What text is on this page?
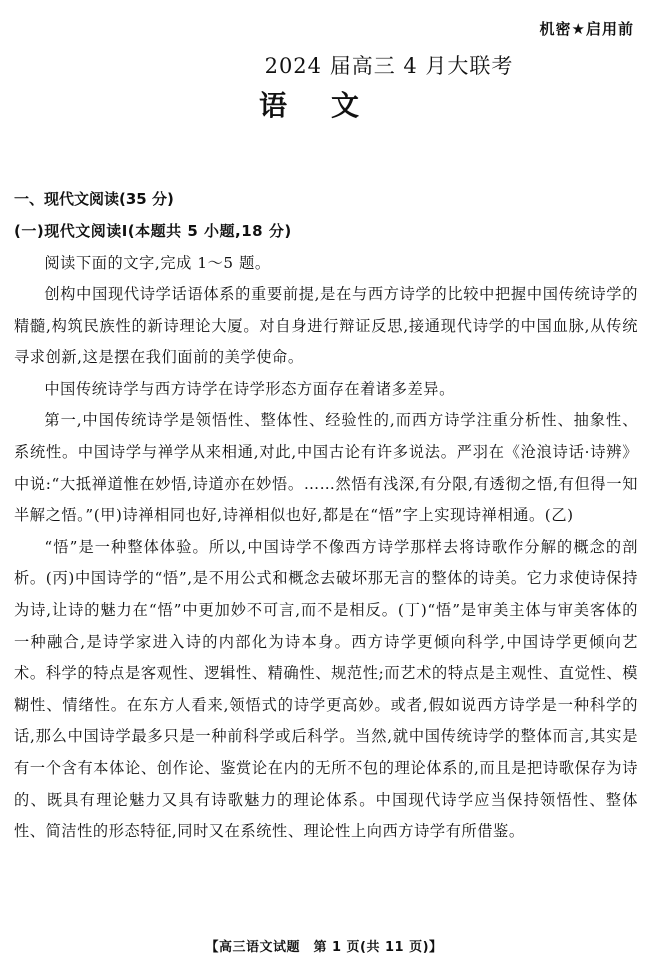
机密★启用前
2024 届高三 4 月大联考
语文

一、现代文阅读(35 分)

(一)现代文阅读Ⅰ(本题共 5 小题,18 分)

阅读下面的文字,完成 1～5 题。

创构中国现代诗学话语体系的重要前提,是在与西方诗学的比较中把握中国传统诗学的精髓,构筑民族性的新诗理论大厦。对自身进行辩证反思,接通现代诗学的中国血脉,从传统寻求创新,这是摆在我们面前的美学使命。

中国传统诗学与西方诗学在诗学形态方面存在着诸多差异。

第一,中国传统诗学是领悟性、整体性、经验性的,而西方诗学注重分析性、抽象性、系统性。中国诗学与禅学从来相通,对此,中国古论有许多说法。严羽在《沧浪诗话·诗辨》中说:“大抵禅道惟在妙悟,诗道亦在妙悟。……然悟有浅深,有分限,有透彻之悟,有但得一知半解之悟。”(甲)诗禅相同也好,诗禅相似也好,都是在“悟”字上实现诗禅相通。(乙)

“悟”是一种整体体验。所以,中国诗学不像西方诗学那样去将诗歌作分解的概念的剖析。(丙)中国诗学的“悟”,是不用公式和概念去破坏那无言的整体的诗美。它力求使诗保持为诗,让诗的魅力在“悟”中更加妙不可言,而不是相反。(丁)“悟”是审美主体与审美客体的一种融合,是诗学家进入诗的内部化为诗本身。西方诗学更倾向科学,中国诗学更倾向艺术。科学的特点是客观性、逻辑性、精确性、规范性;而艺术的特点是主观性、直觉性、模糊性、情绪性。在东方人看来,领悟式的诗学更高妙。或者,假如说西方诗学是一种科学的话,那么中国诗学最多只是一种前科学或后科学。当然,就中国传统诗学的整体而言,其实是有一个含有本体论、创作论、鉴赏论在内的无所不包的理论体系的,而且是把诗歌保存为诗的、既具有理论魅力又具有诗歌魅力的理论体系。中国现代诗学应当保持领悟性、整体性、简洁性的形态特征,同时又在系统性、理论性上向西方诗学有所借鉴。

【高三语文试题　第 1 页(共 11 页)】
